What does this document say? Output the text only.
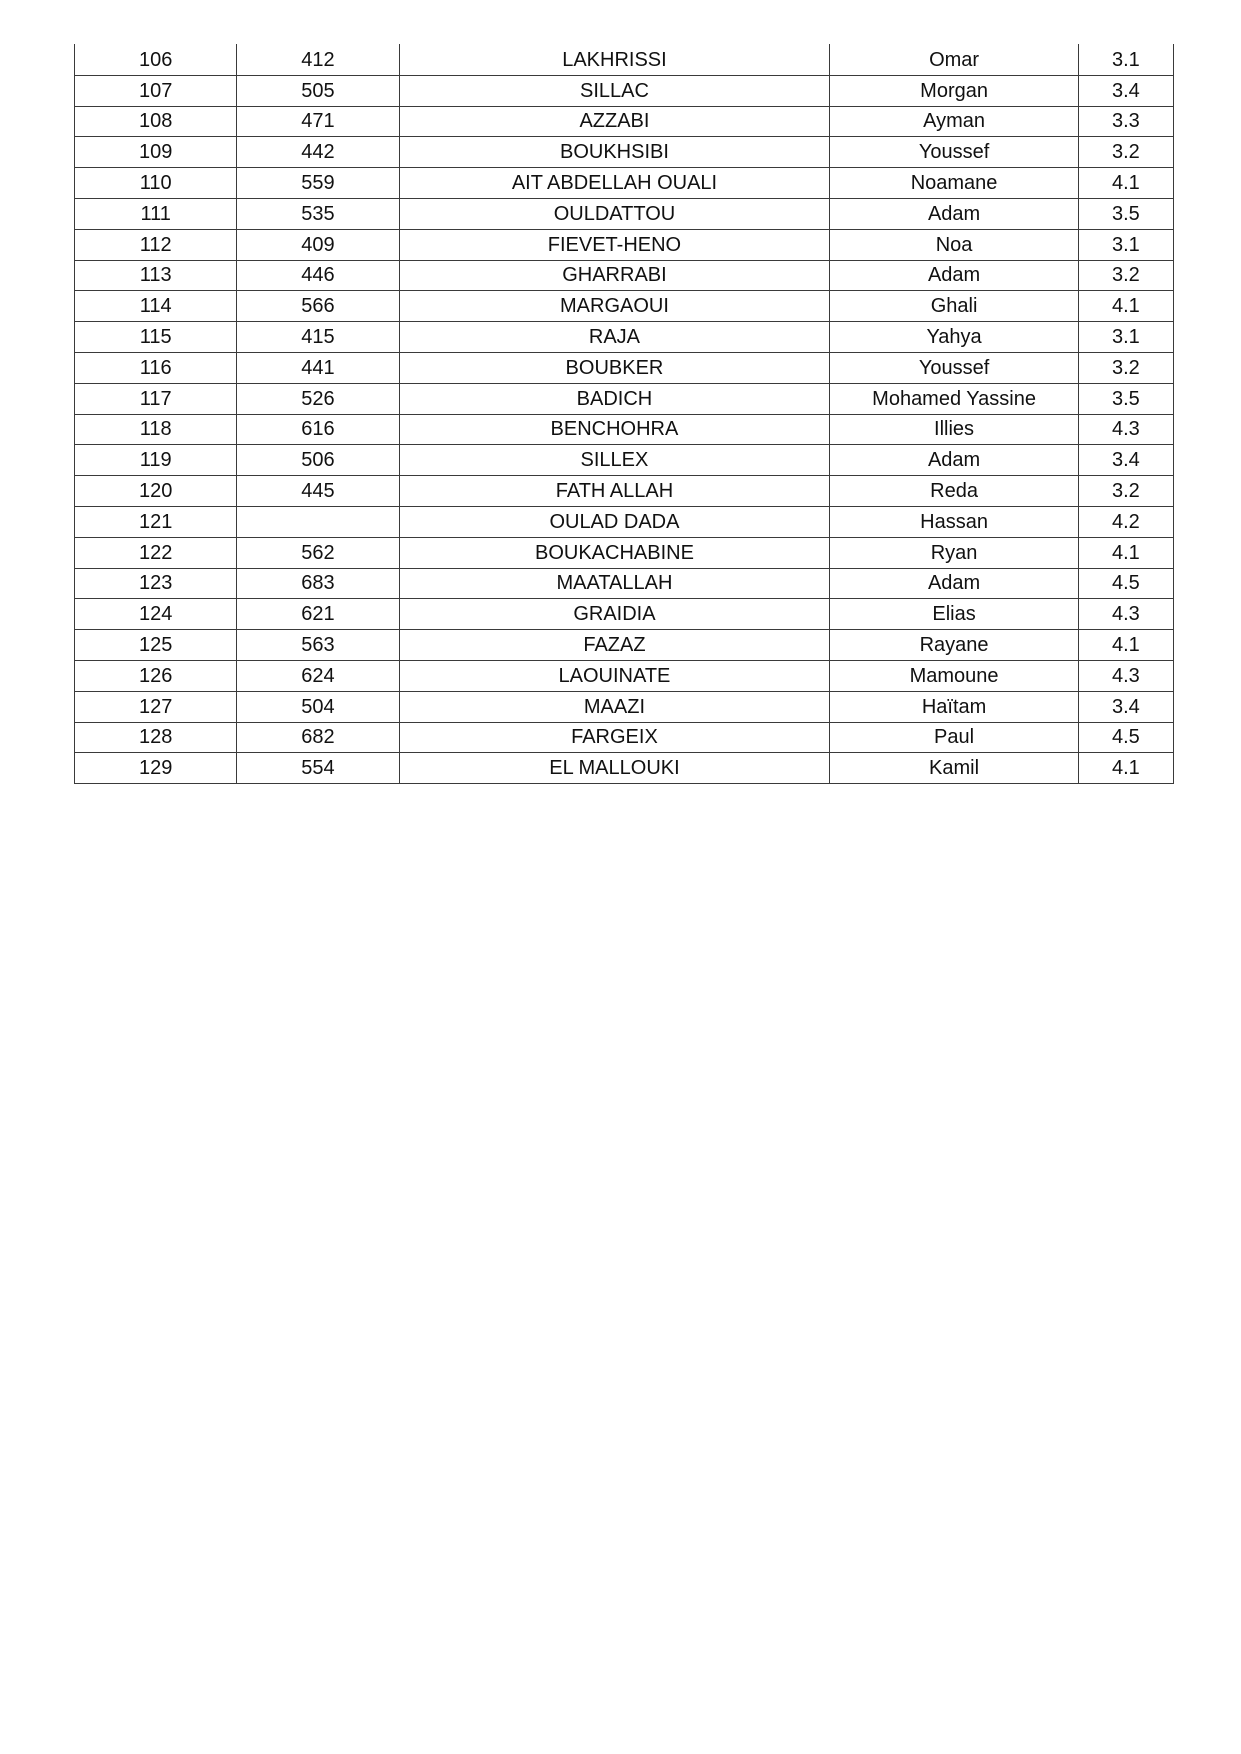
106	412	LAKHRISSI	Omar	3.1
107	505	SILLAC	Morgan	3.4
108	471	AZZABI	Ayman	3.3
109	442	BOUKHSIBI	Youssef	3.2
110	559	AIT ABDELLAH OUALI	Noamane	4.1
111	535	OULDATTOU	Adam	3.5
112	409	FIEVET-HENO	Noa	3.1
113	446	GHARRABI	Adam	3.2
114	566	MARGAOUI	Ghali	4.1
115	415	RAJA	Yahya	3.1
116	441	BOUBKER	Youssef	3.2
117	526	BADICH	Mohamed Yassine	3.5
118	616	BENCHOHRA	Illies	4.3
119	506	SILLEX	Adam	3.4
120	445	FATH ALLAH	Reda	3.2
121		OULAD DADA	Hassan	4.2
122	562	BOUKACHABINE	Ryan	4.1
123	683	MAATALLAH	Adam	4.5
124	621	GRAIDIA	Elias	4.3
125	563	FAZAZ	Rayane	4.1
126	624	LAOUINATE	Mamoune	4.3
127	504	MAAZI	Haïtam	3.4
128	682	FARGEIX	Paul	4.5
129	554	EL MALLOUKI	Kamil	4.1
